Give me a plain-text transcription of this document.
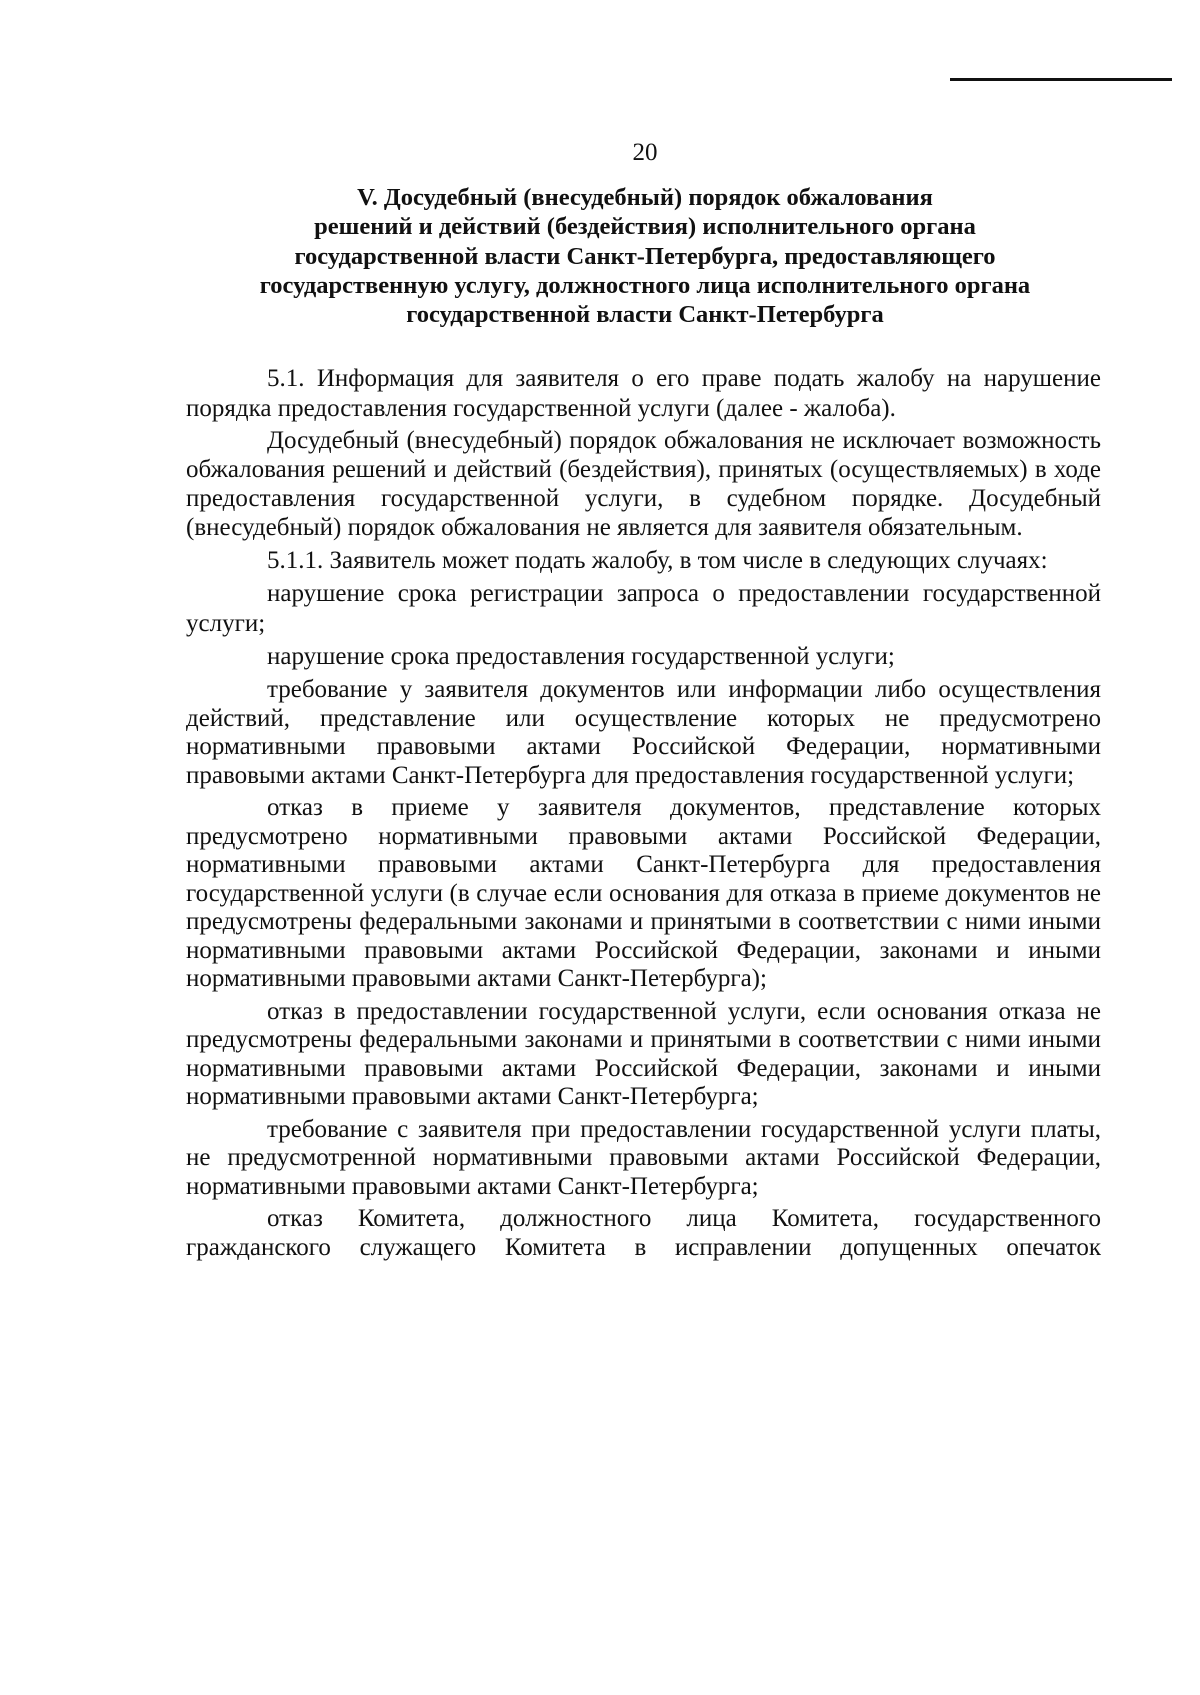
20
V. Досудебный (внесудебный) порядок обжалования
решений и действий (бездействия) исполнительного органа
государственной власти Санкт-Петербурга, предоставляющего
государственную услугу, должностного лица исполнительного органа
государственной власти Санкт-Петербурга

5.1. Информация для заявителя о его праве подать жалобу на нарушение порядка предоставления государственной услуги (далее - жалоба).

Досудебный (внесудебный) порядок обжалования не исключает возможность обжалования решений и действий (бездействия), принятых (осуществляемых) в ходе предоставления государственной услуги, в судебном порядке. Досудебный (внесудебный) порядок обжалования не является для заявителя обязательным.

5.1.1. Заявитель может подать жалобу, в том числе в следующих случаях:

нарушение срока регистрации запроса о предоставлении государственной услуги;

нарушение срока предоставления государственной услуги;

требование у заявителя документов или информации либо осуществления действий, представление или осуществление которых не предусмотрено нормативными правовыми актами Российской Федерации, нормативными правовыми актами Санкт-Петербурга для предоставления государственной услуги;

отказ в приеме у заявителя документов, представление которых предусмотрено нормативными правовыми актами Российской Федерации, нормативными правовыми актами Санкт-Петербурга для предоставления государственной услуги (в случае если основания для отказа в приеме документов не предусмотрены федеральными законами и принятыми в соответствии с ними иными нормативными правовыми актами Российской Федерации, законами и иными нормативными правовыми актами Санкт-Петербурга);

отказ в предоставлении государственной услуги, если основания отказа не предусмотрены федеральными законами и принятыми в соответствии с ними иными нормативными правовыми актами Российской Федерации, законами и иными нормативными правовыми актами Санкт-Петербурга;

требование с заявителя при предоставлении государственной услуги платы, не предусмотренной нормативными правовыми актами Российской Федерации, нормативными правовыми актами Санкт-Петербурга;

отказ Комитета, должностного лица Комитета, государственного гражданского служащего Комитета в исправлении допущенных опечаток
